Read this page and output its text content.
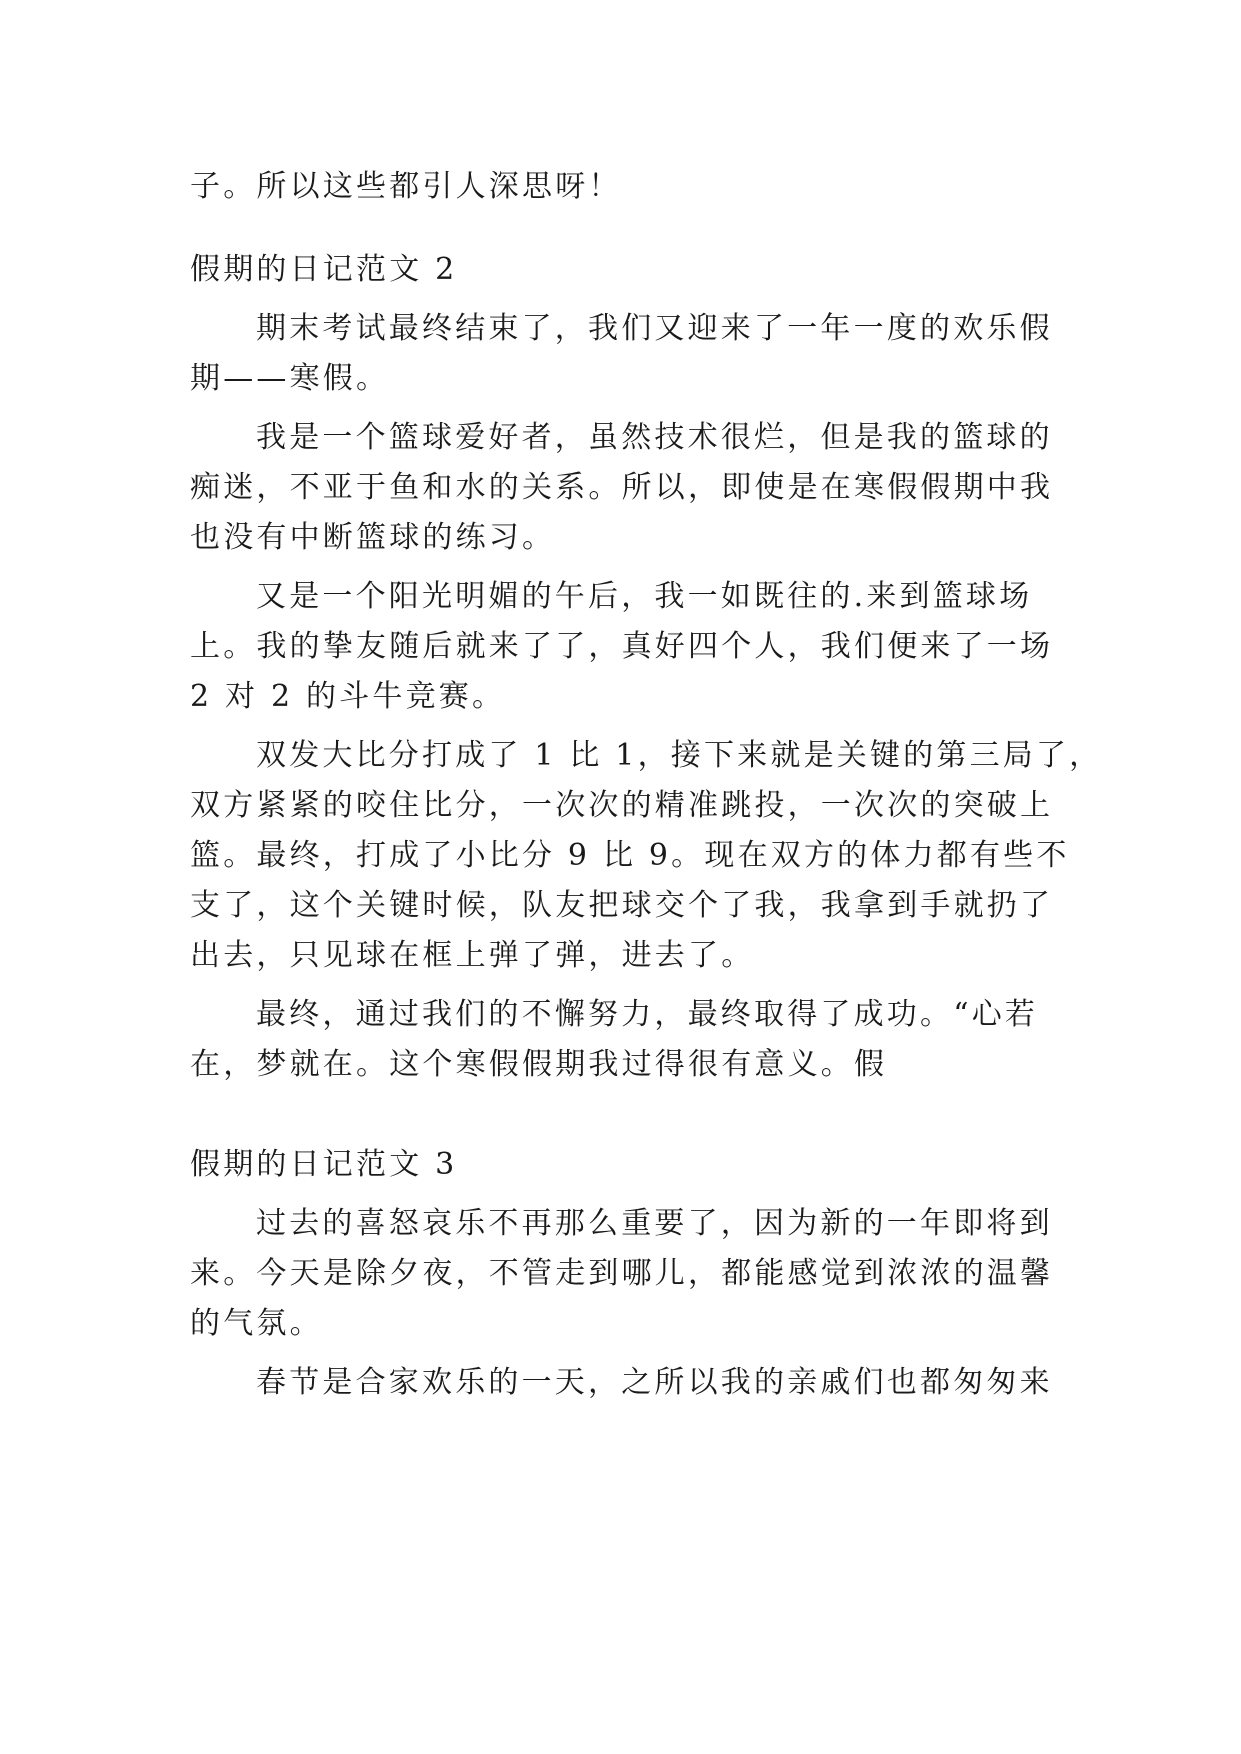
子。所以这些都引人深思呀！
假期的日记范文 2
期末考试最终结束了，我们又迎来了一年一度的欢乐假
期——寒假。
我是一个篮球爱好者，虽然技术很烂，但是我的篮球的
痴迷，不亚于鱼和水的关系。所以，即使是在寒假假期中我
也没有中断篮球的练习。
又是一个阳光明媚的午后，我一如既往的.来到篮球场
上。我的挚友随后就来了了，真好四个人，我们便来了一场
2 对 2 的斗牛竞赛。
双发大比分打成了 1 比 1，接下来就是关键的第三局了，
双方紧紧的咬住比分，一次次的精准跳投，一次次的突破上
篮。最终，打成了小比分 9 比 9。现在双方的体力都有些不
支了，这个关键时候，队友把球交个了我，我拿到手就扔了
出去，只见球在框上弹了弹，进去了。
最终，通过我们的不懈努力，最终取得了成功。“心若
在，梦就在。这个寒假假期我过得很有意义。假
假期的日记范文 3
过去的喜怒哀乐不再那么重要了，因为新的一年即将到
来。今天是除夕夜，不管走到哪儿，都能感觉到浓浓的温馨
的气氛。
春节是合家欢乐的一天，之所以我的亲戚们也都匆匆来
